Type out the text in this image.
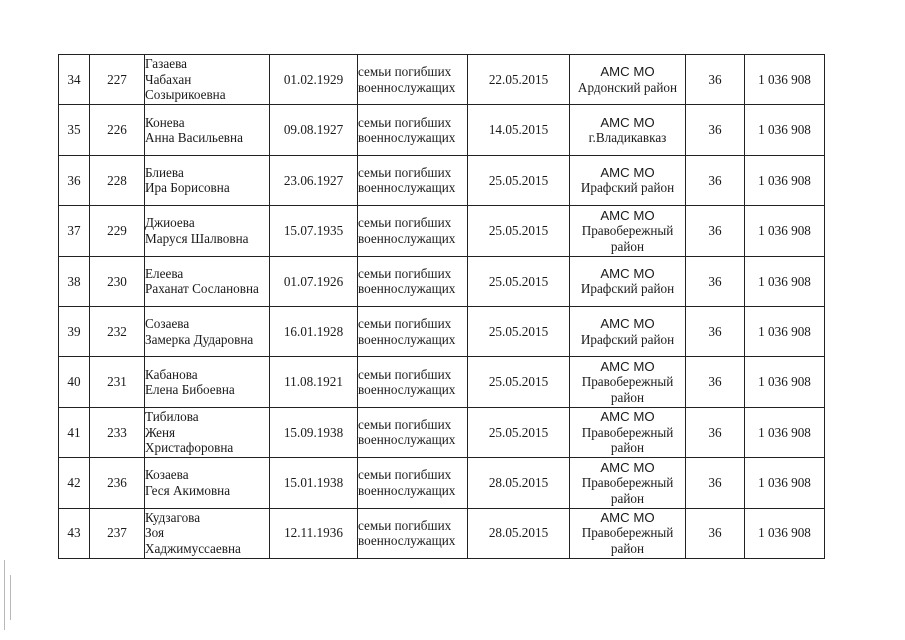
34	227	Газаева
Чабахан
Созырикоевна	01.02.1929	семьи погибших
военнослужащих	22.05.2015	АМС МО
Ардонский район	36	1 036 908
35	226	Конева
Анна Васильевна	09.08.1927	семьи погибших
военнослужащих	14.05.2015	АМС МО
г.Владикавказ	36	1 036 908
36	228	Блиева
Ира Борисовна	23.06.1927	семьи погибших
военнослужащих	25.05.2015	АМС МО
Ирафский район	36	1 036 908
37	229	Джиоева
Маруся Шалвовна	15.07.1935	семьи погибших
военнослужащих	25.05.2015	АМС МО
Правобережный
район	36	1 036 908
38	230	Елеева
Раханат Сослановна	01.07.1926	семьи погибших
военнослужащих	25.05.2015	АМС МО
Ирафский район	36	1 036 908
39	232	Созаева
Замерка Дударовна	16.01.1928	семьи погибших
военнослужащих	25.05.2015	АМС МО
Ирафский район	36	1 036 908
40	231	Кабанова
Елена Бибоевна	11.08.1921	семьи погибших
военнослужащих	25.05.2015	АМС МО
Правобережный
район	36	1 036 908
41	233	Тибилова
Женя
Христафоровна	15.09.1938	семьи погибших
военнослужащих	25.05.2015	АМС МО
Правобережный
район	36	1 036 908
42	236	Козаева
Геся Акимовна	15.01.1938	семьи погибших
военнослужащих	28.05.2015	АМС МО
Правобережный
район	36	1 036 908
43	237	Кудзагова
Зоя
Хаджимуссаевна	12.11.1936	семьи погибших
военнослужащих	28.05.2015	АМС МО
Правобережный
район	36	1 036 908
